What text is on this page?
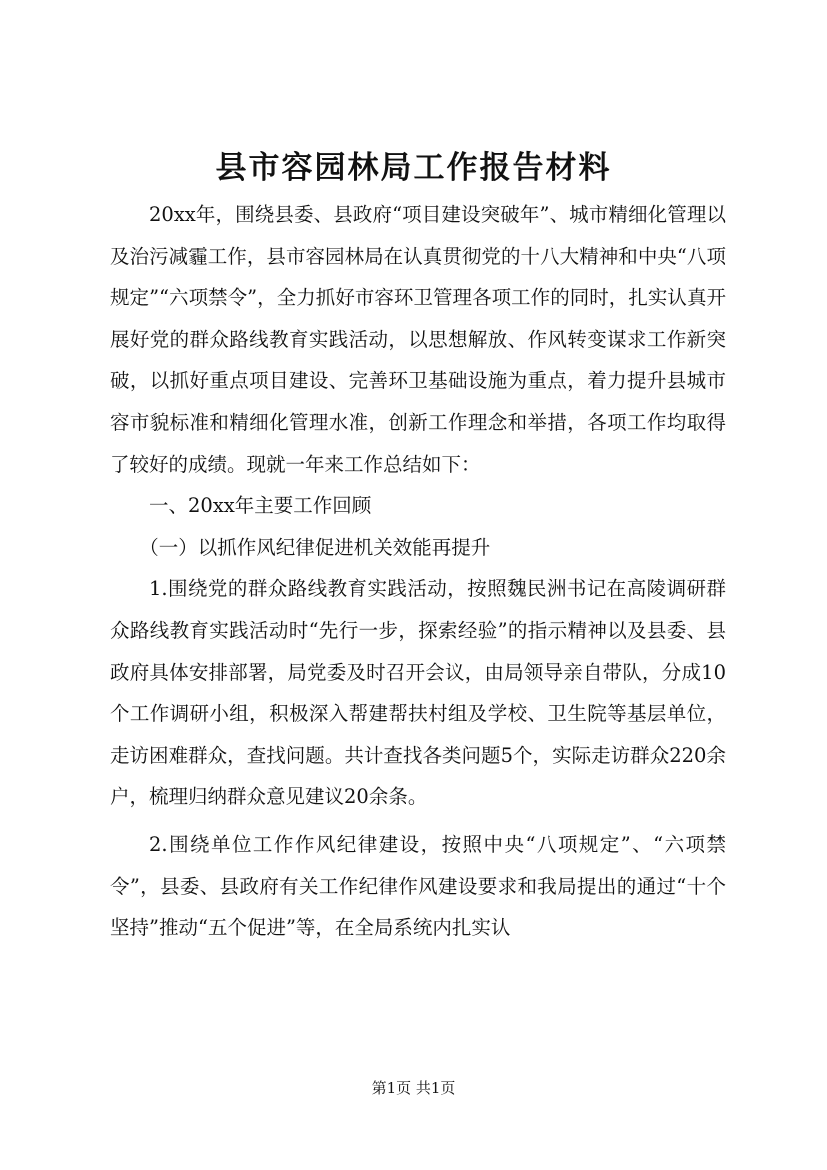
县市容园林局工作报告材料

20xx年，围绕县委、县政府“项目建设突破年”、城市精细化管理以及治污减霾工作，县市容园林局在认真贯彻党的十八大精神和中央“八项规定”“六项禁令”，全力抓好市容环卫管理各项工作的同时，扎实认真开展好党的群众路线教育实践活动，以思想解放、作风转变谋求工作新突破，以抓好重点项目建设、完善环卫基础设施为重点，着力提升县城市容市貌标准和精细化管理水准，创新工作理念和举措，各项工作均取得了较好的成绩。现就一年来工作总结如下：

一、20xx年主要工作回顾

（一）以抓作风纪律促进机关效能再提升

1.围绕党的群众路线教育实践活动，按照魏民洲书记在高陵调研群众路线教育实践活动时“先行一步，探索经验”的指示精神以及县委、县政府具体安排部署，局党委及时召开会议，由局领导亲自带队，分成10个工作调研小组，积极深入帮建帮扶村组及学校、卫生院等基层单位，走访困难群众，查找问题。共计查找各类问题5个，实际走访群众220余户，梳理归纳群众意见建议20余条。

2.围绕单位工作作风纪律建设，按照中央“八项规定”、“六项禁令”，县委、县政府有关工作纪律作风建设要求和我局提出的通过“十个坚持”推动“五个促进”等，在全局系统内扎实认

第1页 共1页
